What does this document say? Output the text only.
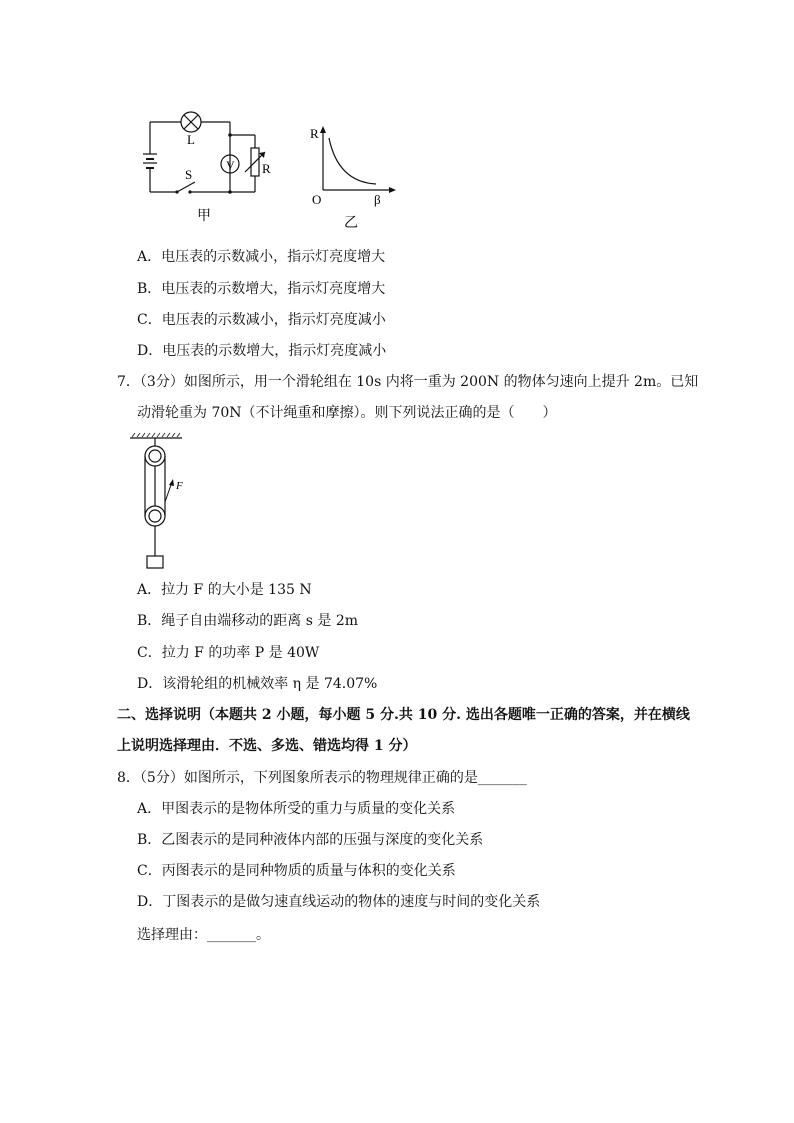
L
R
V
S
甲
R
β
O
乙
A．电压表的示数减小，指示灯亮度增大
B．电压表的示数增大，指示灯亮度增大
C．电压表的示数减小，指示灯亮度减小
D．电压表的示数增大，指示灯亮度减小
7．（3分）如图所示，用一个滑轮组在 10s 内将一重为 200N 的物体匀速向上提升 2m。已知
动滑轮重为 70N（不计绳重和摩擦）。则下列说法正确的是（　　）
F
A．拉力 F 的大小是 135 N
B．绳子自由端移动的距离 s 是 2m
C．拉力 F 的功率 P 是 40W
D．该滑轮组的机械效率 η 是 74.07%
二、选择说明（本题共 2 小题，每小题 5 分.共 10 分. 选出各题唯一正确的答案，并在横线
上说明选择理由．不选、多选、错选均得 1 分）
8．（5分）如图所示，下列图象所表示的物理规律正确的是_______
A．甲图表示的是物体所受的重力与质量的变化关系
B．乙图表示的是同种液体内部的压强与深度的变化关系
C．丙图表示的是同种物质的质量与体积的变化关系
D．丁图表示的是做匀速直线运动的物体的速度与时间的变化关系
选择理由：_______。
